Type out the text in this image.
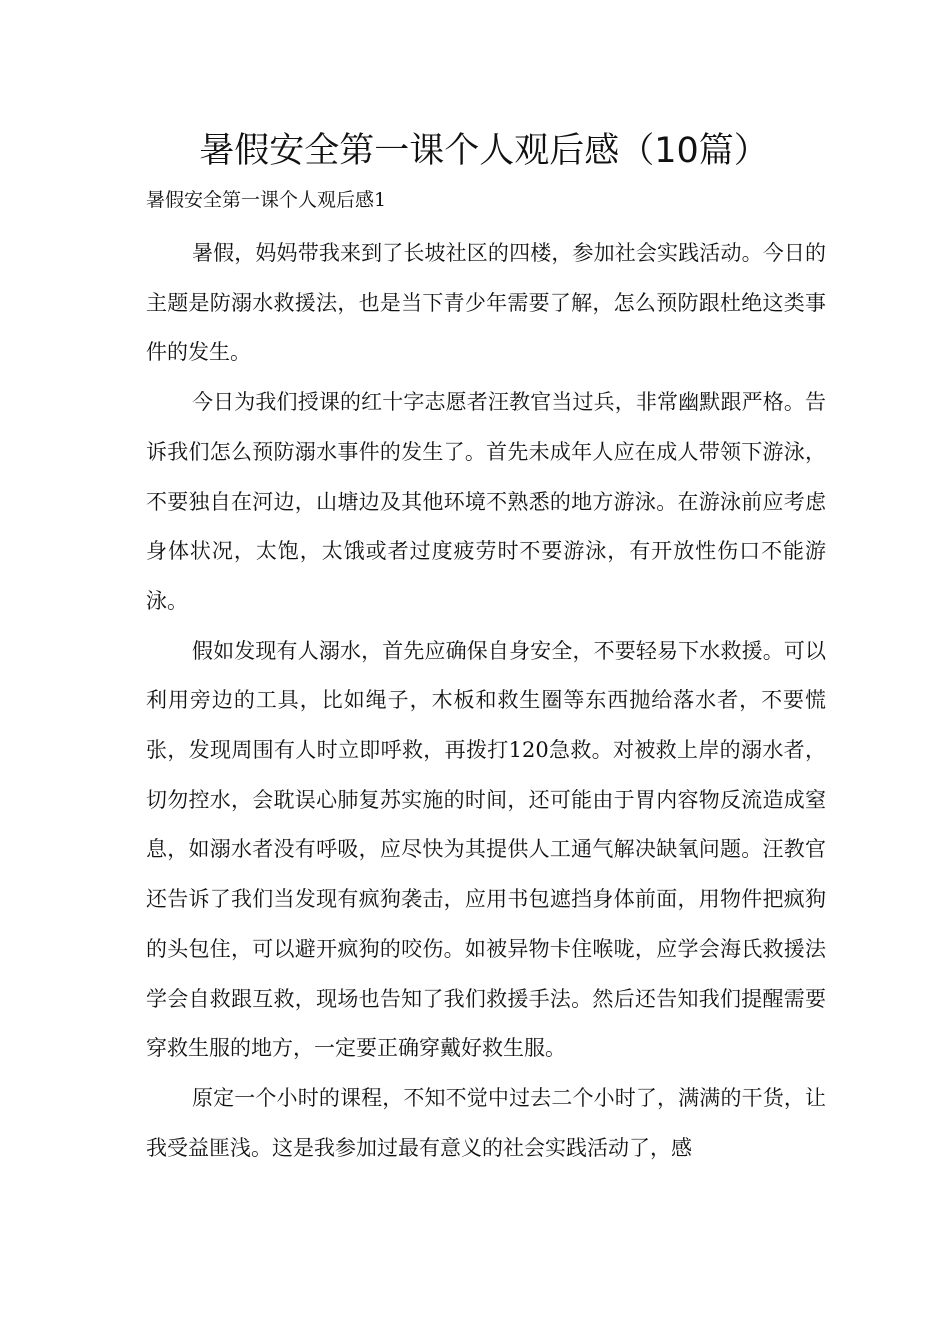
暑假安全第一课个人观后感（10篇）
暑假安全第一课个人观后感1

暑假，妈妈带我来到了长坡社区的四楼，参加社会实践活动。今日的主题是防溺水救援法，也是当下青少年需要了解，怎么预防跟杜绝这类事件的发生。

今日为我们授课的红十字志愿者汪教官当过兵，非常幽默跟严格。告诉我们怎么预防溺水事件的发生了。首先未成年人应在成人带领下游泳，不要独自在河边，山塘边及其他环境不熟悉的地方游泳。在游泳前应考虑身体状况，太饱，太饿或者过度疲劳时不要游泳，有开放性伤口不能游泳。

假如发现有人溺水，首先应确保自身安全，不要轻易下水救援。可以利用旁边的工具，比如绳子，木板和救生圈等东西抛给落水者，不要慌张，发现周围有人时立即呼救，再拨打120急救。对被救上岸的溺水者，切勿控水，会耽误心肺复苏实施的时间，还可能由于胃内容物反流造成窒息，如溺水者没有呼吸，应尽快为其提供人工通气解决缺氧问题。汪教官还告诉了我们当发现有疯狗袭击，应用书包遮挡身体前面，用物件把疯狗的头包住，可以避开疯狗的咬伤。如被异物卡住喉咙，应学会海氏救援法学会自救跟互救，现场也告知了我们救援手法。然后还告知我们提醒需要穿救生服的地方，一定要正确穿戴好救生服。

原定一个小时的课程，不知不觉中过去二个小时了，满满的干货，让我受益匪浅。这是我参加过最有意义的社会实践活动了，感
